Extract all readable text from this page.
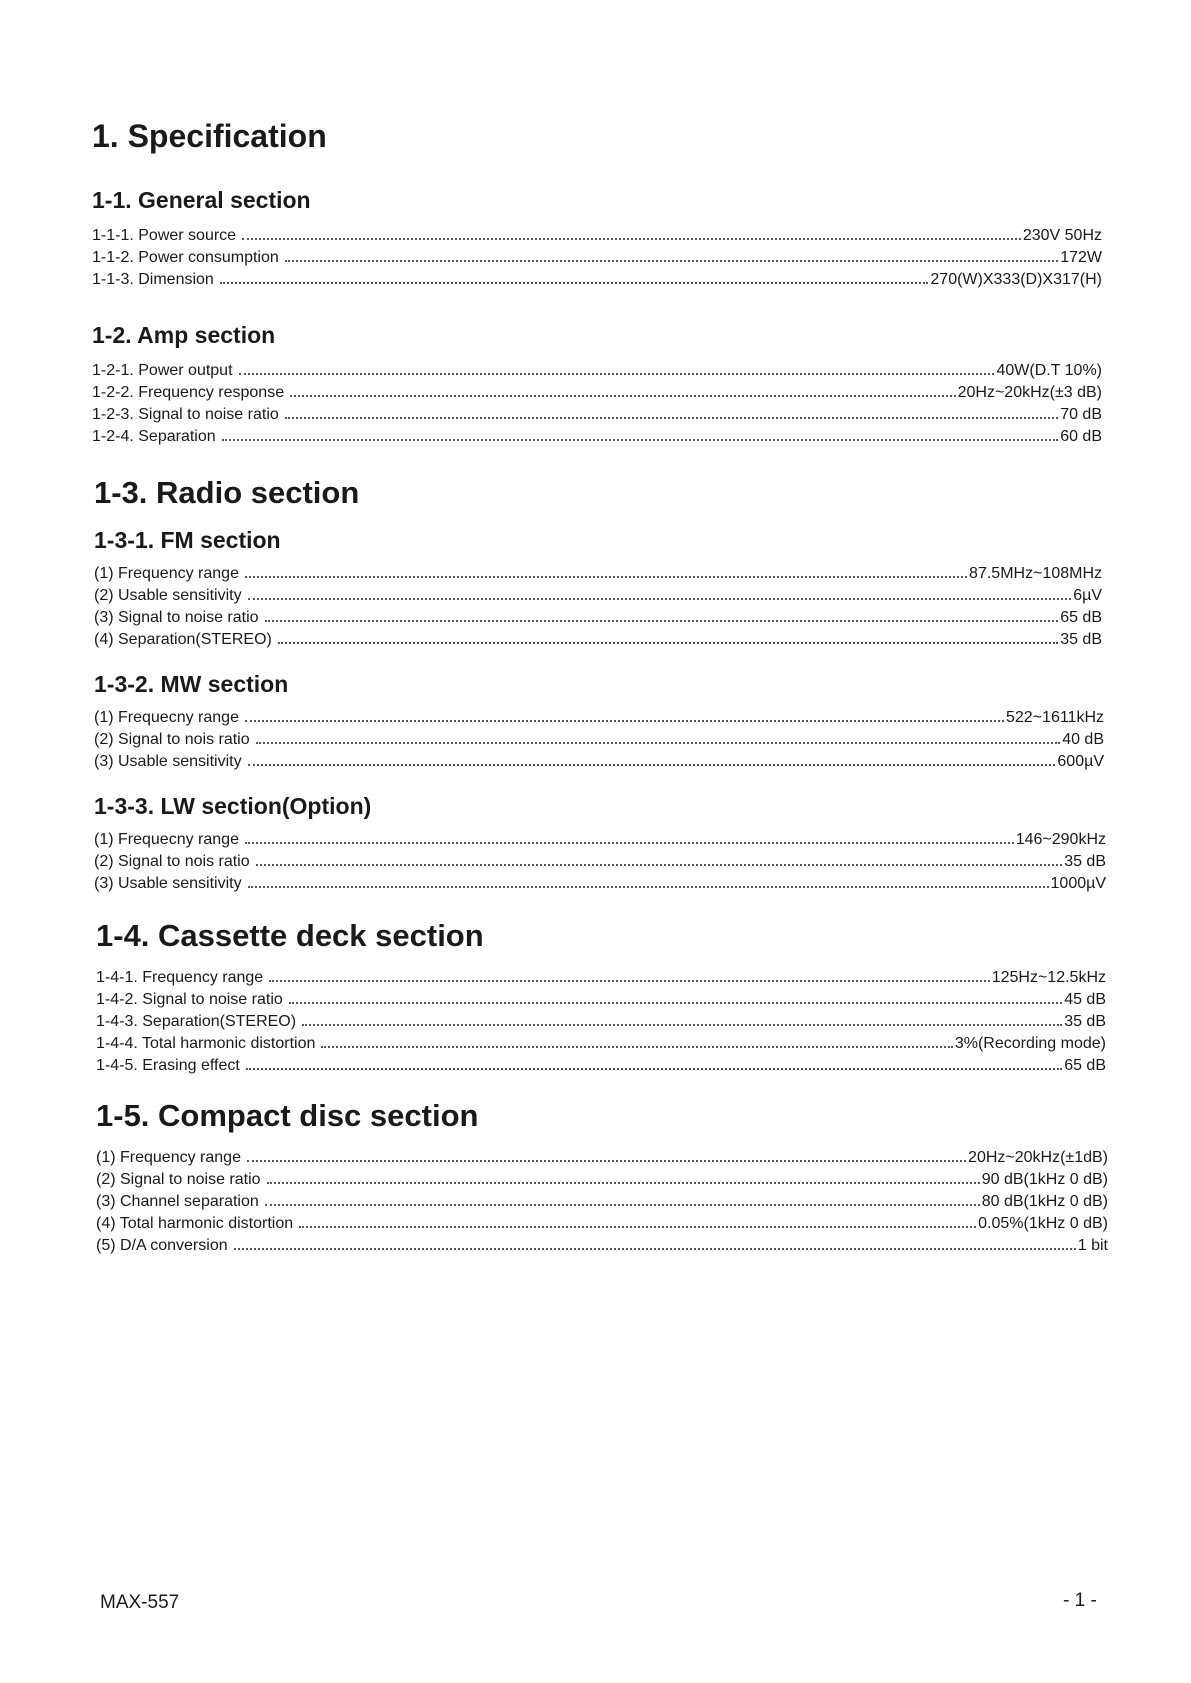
1. Specification
1-1. General section
1-1-1. Power source	230V 50Hz
1-1-2. Power consumption	172W
1-1-3. Dimension	270(W)X333(D)X317(H)
1-2. Amp section
1-2-1. Power output	40W(D.T 10%)
1-2-2. Frequency response	20Hz~20kHz(±3 dB)
1-2-3. Signal to noise ratio	70 dB
1-2-4. Separation	60 dB
1-3. Radio section
1-3-1. FM section
(1) Frequency range	87.5MHz~108MHz
(2) Usable sensitivity	6µV
(3) Signal to noise ratio	65 dB
(4) Separation(STEREO)	35 dB
1-3-2. MW section
(1) Frequecny range	522~1611kHz
(2) Signal to nois ratio	40 dB
(3) Usable sensitivity	600µV
1-3-3. LW section(Option)
(1) Frequecny range	146~290kHz
(2) Signal to nois ratio	35 dB
(3) Usable sensitivity	1000µV
1-4. Cassette deck section
1-4-1. Frequency range	125Hz~12.5kHz
1-4-2. Signal to noise ratio	45 dB
1-4-3. Separation(STEREO)	35 dB
1-4-4. Total harmonic distortion	3%(Recording mode)
1-4-5. Erasing effect	65 dB
1-5. Compact disc section
(1) Frequency range	20Hz~20kHz(±1dB)
(2) Signal to noise ratio	90 dB(1kHz 0 dB)
(3) Channel separation	80 dB(1kHz 0 dB)
(4) Total harmonic distortion	0.05%(1kHz 0 dB)
(5) D/A conversion	1 bit
MAX-557	- 1 -
